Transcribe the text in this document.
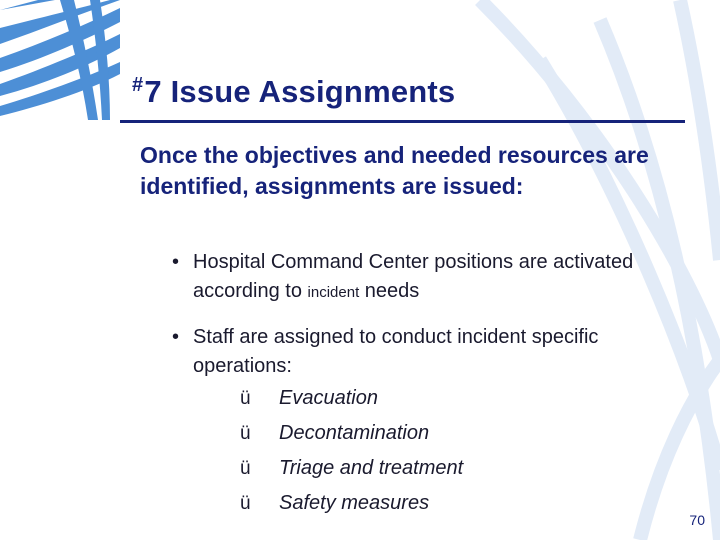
#7 Issue Assignments
Once the objectives and needed resources are identified, assignments are issued:
• Hospital Command Center positions are activated according to incident needs
• Staff are assigned to conduct incident specific operations:
ü Evacuation
ü Decontamination
ü Triage and treatment
ü Safety measures
70
